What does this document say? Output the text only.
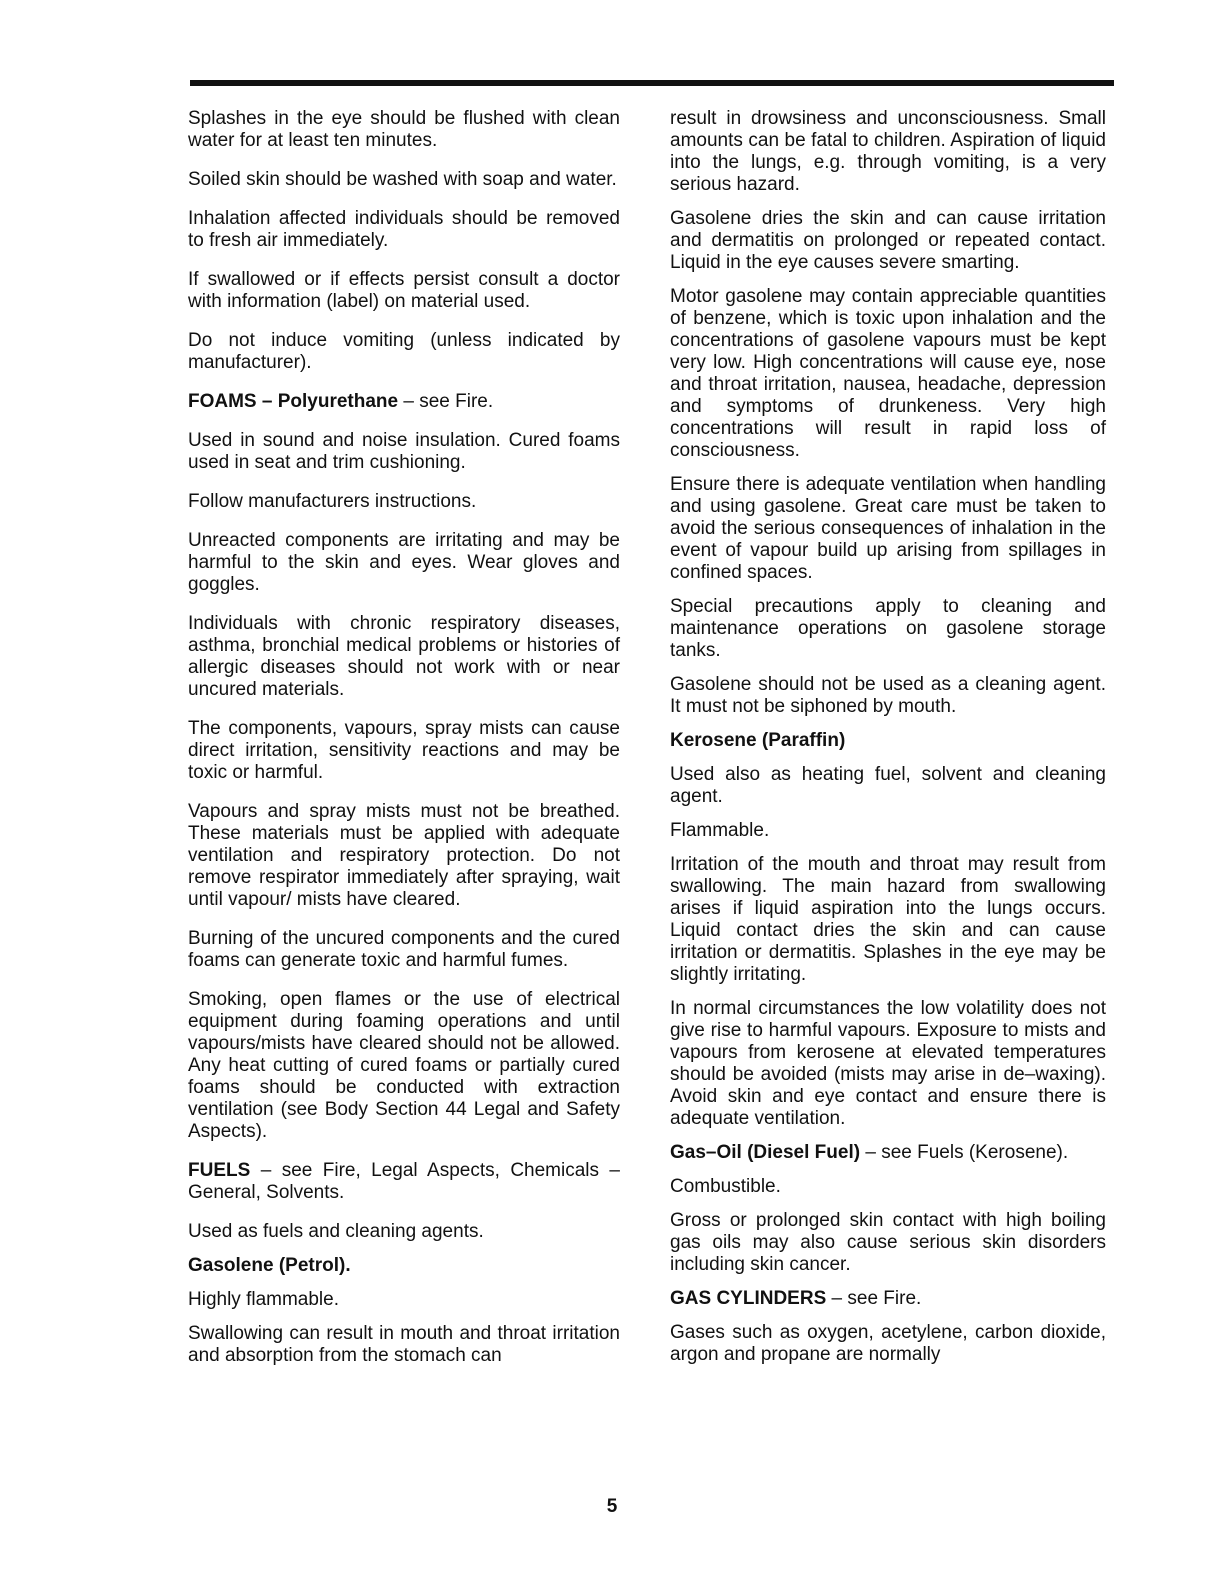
Splashes in the eye should be flushed with clean water for at least ten minutes.

Soiled skin should be washed with soap and water.

Inhalation affected individuals should be removed to fresh air immediately.

If swallowed or if effects persist consult a doctor with information (label) on material used.

Do not induce vomiting (unless indicated by manufacturer).

FOAMS – Polyurethane – see Fire.

Used in sound and noise insulation. Cured foams used in seat and trim cushioning.

Follow manufacturers instructions.

Unreacted components are irritating and may be harmful to the skin and eyes. Wear gloves and goggles.

Individuals with chronic respiratory diseases, asthma, bronchial medical problems or histories of allergic diseases should not work with or near uncured materials.

The components, vapours, spray mists can cause direct irritation, sensitivity reactions and may be toxic or harmful.

Vapours and spray mists must not be breathed. These materials must be applied with adequate ventilation and respiratory protection. Do not remove respirator immediately after spraying, wait until vapour/ mists have cleared.

Burning of the uncured components and the cured foams can generate toxic and harmful fumes.

Smoking, open flames or the use of electrical equipment during foaming operations and until vapours/mists have cleared should not be allowed. Any heat cutting of cured foams or partially cured foams should be conducted with extraction ventilation (see Body Section 44 Legal and Safety Aspects).

FUELS – see Fire, Legal Aspects, Chemicals – General, Solvents.

Used as fuels and cleaning agents.

Gasolene (Petrol).

Highly flammable.

Swallowing can result in mouth and throat irritation and absorption from the stomach can

result in drowsiness and unconsciousness. Small amounts can be fatal to children. Aspiration of liquid into the lungs, e.g. through vomiting, is a very serious hazard.

Gasolene dries the skin and can cause irritation and dermatitis on prolonged or repeated contact. Liquid in the eye causes severe smarting.

Motor gasolene may contain appreciable quantities of benzene, which is toxic upon inhalation and the concentrations of gasolene vapours must be kept very low. High concentrations will cause eye, nose and throat irritation, nausea, headache, depression and symptoms of drunkeness. Very high concentrations will result in rapid loss of consciousness.

Ensure there is adequate ventilation when handling and using gasolene. Great care must be taken to avoid the serious consequences of inhalation in the event of vapour build up arising from spillages in confined spaces.

Special precautions apply to cleaning and maintenance operations on gasolene storage tanks.

Gasolene should not be used as a cleaning agent. It must not be siphoned by mouth.

Kerosene (Paraffin)

Used also as heating fuel, solvent and cleaning agent.

Flammable.

Irritation of the mouth and throat may result from swallowing. The main hazard from swallowing arises if liquid aspiration into the lungs occurs. Liquid contact dries the skin and can cause irritation or dermatitis. Splashes in the eye may be slightly irritating.

In normal circumstances the low volatility does not give rise to harmful vapours. Exposure to mists and vapours from kerosene at elevated temperatures should be avoided (mists may arise in de–waxing). Avoid skin and eye contact and ensure there is adequate ventilation.

Gas–Oil (Diesel Fuel) – see Fuels (Kerosene).

Combustible.

Gross or prolonged skin contact with high boiling gas oils may also cause serious skin disorders including skin cancer.

GAS CYLINDERS – see Fire.

Gases such as oxygen, acetylene, carbon dioxide, argon and propane are normally

5
